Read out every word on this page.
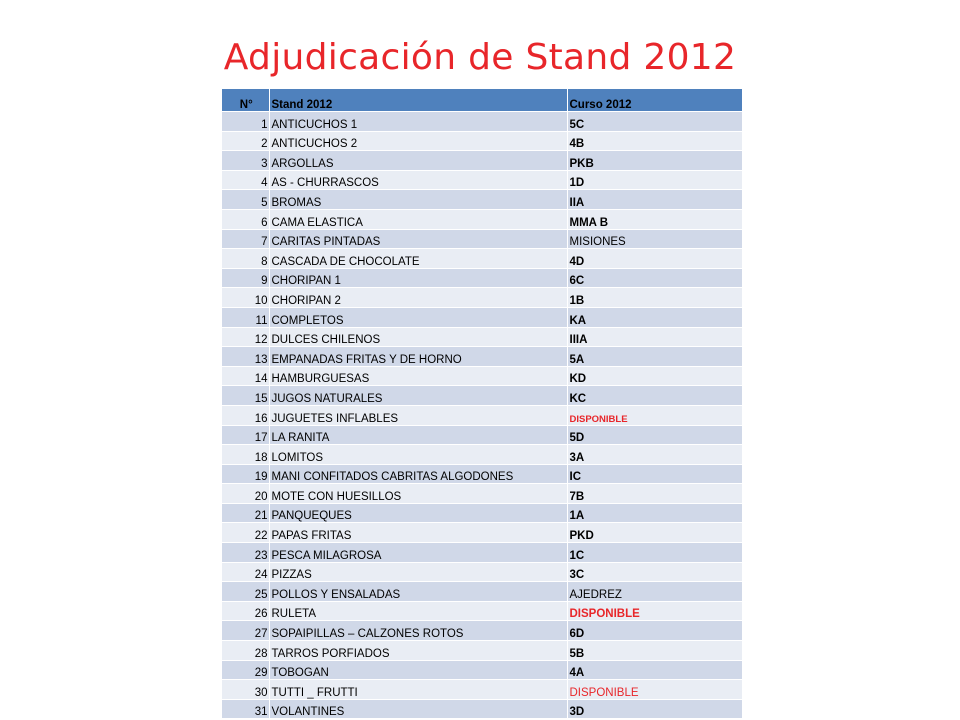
Adjudicación de Stand 2012
N°	Stand 2012	Curso 2012
1	ANTICUCHOS 1	5C
2	ANTICUCHOS 2	4B
3	ARGOLLAS	PKB
4	AS - CHURRASCOS	1D
5	BROMAS	IIA
6	CAMA ELASTICA	MMA B
7	CARITAS PINTADAS	MISIONES
8	CASCADA DE CHOCOLATE	4D
9	CHORIPAN 1	6C
10	CHORIPAN 2	1B
11	COMPLETOS	KA
12	DULCES CHILENOS	IIIA
13	EMPANADAS FRITAS Y DE HORNO	5A
14	HAMBURGUESAS	KD
15	JUGOS NATURALES	KC
16	JUGUETES INFLABLES	DISPONIBLE
17	LA RANITA	5D
18	LOMITOS	3A
19	MANI CONFITADOS CABRITAS ALGODONES	IC
20	MOTE CON HUESILLOS	7B
21	PANQUEQUES	1A
22	PAPAS FRITAS	PKD
23	PESCA MILAGROSA	1C
24	PIZZAS	3C
25	POLLOS Y ENSALADAS	AJEDREZ
26	RULETA	DISPONIBLE
27	SOPAIPILLAS – CALZONES ROTOS	6D
28	TARROS PORFIADOS	5B
29	TOBOGAN	4A
30	TUTTI _ FRUTTI	DISPONIBLE
31	VOLANTINES	3D
